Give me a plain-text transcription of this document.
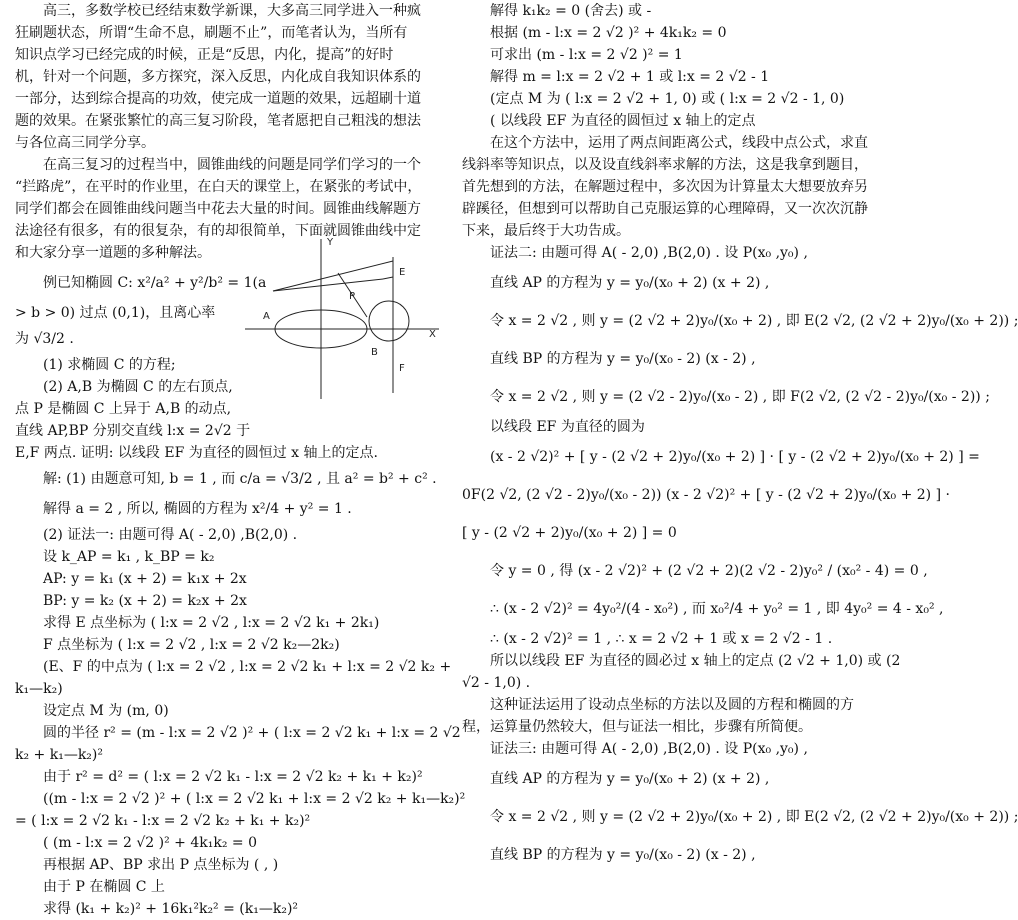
高三，多数学校已经结束数学新课，大多高三同学进入一种疯
狂刷题状态，所谓“生命不息，刷题不止”，而笔者认为，当所有
知识点学习已经完成的时候，正是“反思，内化，提高”的好时
机，针对一个问题，多方探究，深入反思，内化成自我知识体系的
一部分，达到综合提高的功效，使完成一道题的效果，远超刷十道
题的效果。在紧张繁忙的高三复习阶段，笔者愿把自己粗浅的想法
与各位高三同学分享。
在高三复习的过程当中，圆锥曲线的问题是同学们学习的一个
“拦路虎”，在平时的作业里，在白天的课堂上，在紧张的考试中，
同学们都会在圆锥曲线问题当中花去大量的时间。圆锥曲线解题方
法途径有很多，有的很复杂，有的却很简单，下面就圆锥曲线中定
和大家分享一道题的多种解法。
例已知椭圆 C: x²/a² + y²/b² = 1(a
> b > 0) 过点 (0,1)，且离心率
为 √3/2 .
(1) 求椭圆 C 的方程;
(2) A,B 为椭圆 C 的左右顶点,
点 P 是椭圆 C 上异于 A,B 的动点,
直线 AP,BP 分别交直线 l:x = 2√2 于
E,F 两点. 证明: 以线段 EF 为直径的圆恒过 x 轴上的定点.
解: (1) 由题意可知, b = 1 , 而 c/a = √3/2 , 且 a² = b² + c² .
解得 a = 2 , 所以, 椭圆的方程为 x²/4 + y² = 1 .
(2) 证法一: 由题可得 A( - 2,0) ,B(2,0) .
设 k_AP = k₁ , k_BP = k₂
AP: y = k₁ (x + 2) = k₁x + 2x
BP: y = k₂ (x + 2) = k₂x + 2x
求得 E 点坐标为 ( l:x = 2 √2 , l:x = 2 √2 k₁ + 2k₁)
F 点坐标为 ( l:x = 2 √2 , l:x = 2 √2 k₂—2k₂)
(E、F 的中点为 ( l:x = 2 √2 , l:x = 2 √2 k₁ + l:x = 2 √2 k₂ +
k₁—k₂)
设定点 M 为 (m, 0)
圆的半径 r² = (m - l:x = 2 √2 )² + ( l:x = 2 √2 k₁ + l:x = 2 √2
k₂ + k₁—k₂)²
由于 r² = d² = ( l:x = 2 √2 k₁ - l:x = 2 √2 k₂ + k₁ + k₂)²
((m - l:x = 2 √2 )² + ( l:x = 2 √2 k₁ + l:x = 2 √2 k₂ + k₁—k₂)²
= ( l:x = 2 √2 k₁ - l:x = 2 √2 k₂ + k₁ + k₂)²
( (m - l:x = 2 √2 )² + 4k₁k₂ = 0
再根据 AP、BP 求出 P 点坐标为 ( , )
由于 P 在椭圆 C 上
求得 (k₁ + k₂)² + 16k₁²k₂² = (k₁—k₂)²
解得 k₁k₂ = 0 (舍去) 或 -
根据 (m - l:x = 2 √2 )² + 4k₁k₂ = 0
可求出 (m - l:x = 2 √2 )² = 1
解得 m = l:x = 2 √2 + 1 或 l:x = 2 √2 - 1
(定点 M 为 ( l:x = 2 √2 + 1, 0) 或 ( l:x = 2 √2 - 1, 0)
( 以线段 EF 为直径的圆恒过 x 轴上的定点
在这个方法中，运用了两点间距离公式，线段中点公式，求直
线斜率等知识点，以及设直线斜率求解的方法，这是我拿到题目，
首先想到的方法，在解题过程中，多次因为计算量太大想要放弃另
辟蹊径，但想到可以帮助自己克服运算的心理障碍，又一次次沉静
下来，最后终于大功告成。
证法二: 由题可得 A( - 2,0) ,B(2,0) . 设 P(x₀ ,y₀) ,
直线 AP 的方程为 y = y₀/(x₀ + 2) (x + 2) ,
令 x = 2 √2 , 则 y = (2 √2 + 2)y₀/(x₀ + 2) , 即 E(2 √2, (2 √2 + 2)y₀/(x₀ + 2)) ;
直线 BP 的方程为 y = y₀/(x₀ - 2) (x - 2) ,
令 x = 2 √2 , 则 y = (2 √2 - 2)y₀/(x₀ - 2) , 即 F(2 √2, (2 √2 - 2)y₀/(x₀ - 2)) ;
以线段 EF 为直径的圆为
(x - 2 √2)² + [ y - (2 √2 + 2)y₀/(x₀ + 2) ] · [ y - (2 √2 + 2)y₀/(x₀ + 2) ] =
0F(2 √2, (2 √2 - 2)y₀/(x₀ - 2)) (x - 2 √2)² + [ y - (2 √2 + 2)y₀/(x₀ + 2) ] ·
[ y - (2 √2 + 2)y₀/(x₀ + 2) ] = 0
令 y = 0 , 得 (x - 2 √2)² + (2 √2 + 2)(2 √2 - 2)y₀² / (x₀² - 4) = 0 ,
∴ (x - 2 √2)² = 4y₀²/(4 - x₀²) , 而 x₀²/4 + y₀² = 1 , 即 4y₀² = 4 - x₀² ,
∴ (x - 2 √2)² = 1 , ∴ x = 2 √2 + 1 或 x = 2 √2 - 1 .
所以以线段 EF 为直径的圆必过 x 轴上的定点 (2 √2 + 1,0) 或 (2
√2 - 1,0) .
这种证法运用了设动点坐标的方法以及圆的方程和椭圆的方
程，运算量仍然较大，但与证法一相比，步骤有所简便。
证法三: 由题可得 A( - 2,0) ,B(2,0) . 设 P(x₀ ,y₀) ,
直线 AP 的方程为 y = y₀/(x₀ + 2) (x + 2) ,
令 x = 2 √2 , 则 y = (2 √2 + 2)y₀/(x₀ + 2) , 即 E(2 √2, (2 √2 + 2)y₀/(x₀ + 2)) ;
直线 BP 的方程为 y = y₀/(x₀ - 2) (x - 2) ,
Y
X
E
P
A
B
F
